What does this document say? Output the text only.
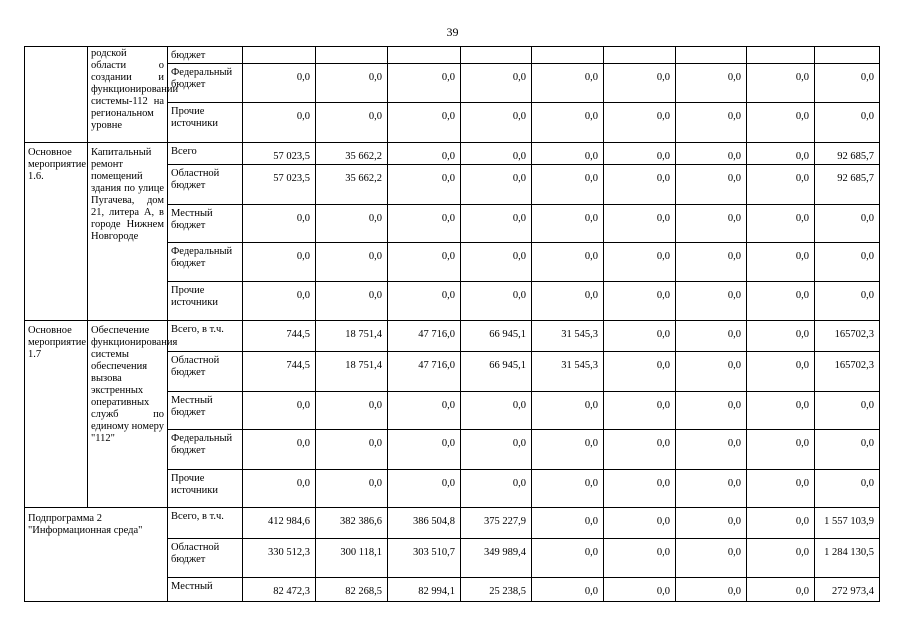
39
	родской области о создании и функционировании системы-112 на региональном уровне	бюджет										
		Федеральный бюджет	0,0	0,0	0,0	0,0	0,0	0,0	0,0	0,0	0,0	
		Прочие источники	0,0	0,0	0,0	0,0	0,0	0,0	0,0	0,0	0,0	
Основное мероприятие 1.6.	Капитальный ремонт помещений здания по улице Пугачева, дом 21, литера А, в городе Нижнем Новгороде	Всего	57 023,5	35 662,2	0,0	0,0	0,0	0,0	0,0	0,0	92 685,7	
		Областной бюджет	57 023,5	35 662,2	0,0	0,0	0,0	0,0	0,0	0,0	92 685,7	
		Местный бюджет	0,0	0,0	0,0	0,0	0,0	0,0	0,0	0,0	0,0	
		Федеральный бюджет	0,0	0,0	0,0	0,0	0,0	0,0	0,0	0,0	0,0	
		Прочие источники	0,0	0,0	0,0	0,0	0,0	0,0	0,0	0,0	0,0	
Основное мероприятие 1.7	Обеспечение функционирования системы обеспечения вызова экстренных оперативных служб по единому номеру "112"	Всего, в т.ч.	744,5	18 751,4	47 716,0	66 945,1	31 545,3	0,0	0,0	0,0	165702,3	
		Областной бюджет	744,5	18 751,4	47 716,0	66 945,1	31 545,3	0,0	0,0	0,0	165702,3	
		Местный бюджет	0,0	0,0	0,0	0,0	0,0	0,0	0,0	0,0	0,0	
		Федеральный бюджет	0,0	0,0	0,0	0,0	0,0	0,0	0,0	0,0	0,0	
		Прочие источники	0,0	0,0	0,0	0,0	0,0	0,0	0,0	0,0	0,0	
Подпрограмма 2 "Информационная среда"		Всего, в т.ч.	412 984,6	382 386,6	386 504,8	375 227,9	0,0	0,0	0,0	0,0	1 557 103,9	
		Областной бюджет	330 512,3	300 118,1	303 510,7	349 989,4	0,0	0,0	0,0	0,0	1 284 130,5	
		Местный	82 472,3	82 268,5	82 994,1	25 238,5	0,0	0,0	0,0	0,0	272 973,4	
